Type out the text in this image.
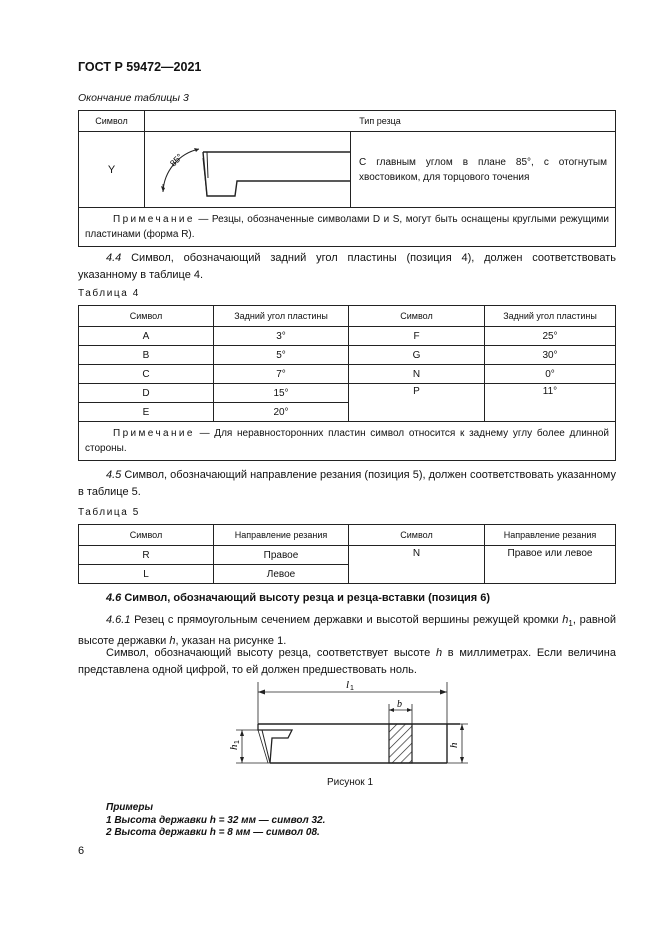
ГОСТ Р 59472—2021
Окончание таблицы 3
Символ	Тип резца
Y	85° С главным углом в плане 85°, с отогнутым хвостовиком, для торцового точения

Примечание — Резцы, обозначенные символами D и S, могут быть оснащены круглыми режущими пластинами (форма R).	
4.4 Символ, обозначающий задний угол пластины (позиция 4), должен соответствовать указанному в таблице 4.
Таблица 4
Символ	Задний угол пластины	Символ	Задний угол пластины
A	3°	F	25°
B	5°	G	30°
C	7°	N	0°
D	15°	P	11°
E	20°		
Примечание — Для неравносторонних пластин символ относится к заднему углу более длинной стороны.			
4.5 Символ, обозначающий направление резания (позиция 5), должен соответствовать указанному в таблице 5.
Таблица 5
Символ	Направление резания	Символ	Направление резания
R	Правое	N	Правое или левое
L	Левое		
4.6 Символ, обозначающий высоту резца и резца-вставки (позиция 6)
4.6.1 Резец с прямоугольным сечением державки и высотой вершины режущей кромки $h_1$, равной высоте державки h, указан на рисунке 1.
Символ, обозначающий высоту резца, соответствует высоте h в миллиметрах. Если величина представлена одной цифрой, то ей должен предшествовать ноль.
l 1
b
h
1
h
Рисунок 1
Примеры
1 Высота державки h = 32 мм — символ 32.
2 Высота державки h = 8 мм — символ 08.
6
